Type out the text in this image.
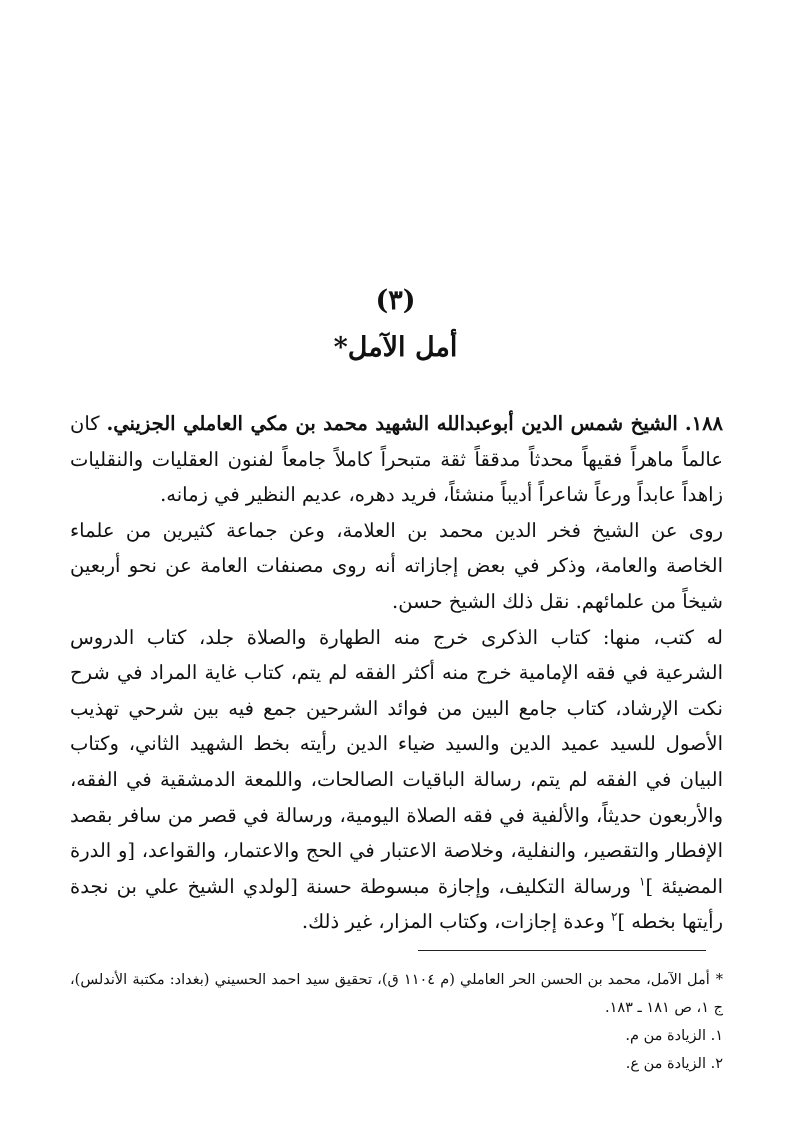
(٣)
أمل الآمل*

١٨٨. الشيخ شمس الدين أبوعبدالله الشهيد محمد بن مكي العاملي الجزيني. كان عالماً ماهراً فقيهاً محدثاً مدققاً ثقة متبحراً كاملاً جامعاً لفنون العقليات والنقليات زاهداً عابداً ورعاً شاعراً أديباً منشئاً، فريد دهره، عديم النظير في زمانه.

روى عن الشيخ فخر الدين محمد بن العلامة، وعن جماعة كثيرين من علماء الخاصة والعامة، وذكر في بعض إجازاته أنه روى مصنفات العامة عن نحو أربعين شيخاً من علمائهم. نقل ذلك الشيخ حسن.

له كتب، منها: كتاب الذكرى خرج منه الطهارة والصلاة جلد، كتاب الدروس الشرعية في فقه الإمامية خرج منه أكثر الفقه لم يتم، كتاب غاية المراد في شرح نكت الإرشاد، كتاب جامع البين من فوائد الشرحين جمع فيه بين شرحي تهذيب الأصول للسيد عميد الدين والسيد ضياء الدين رأيته بخط الشهيد الثاني، وكتاب البيان في الفقه لم يتم، رسالة الباقيات الصالحات، واللمعة الدمشقية في الفقه، والأربعون حديثاً، والألفية في فقه الصلاة اليومية، ورسالة في قصر من سافر بقصد الإفطار والتقصير، والنفلية، وخلاصة الاعتبار في الحج والاعتمار، والقواعد، [و الدرة المضيئة ]$^١$ ورسالة التكليف، وإجازة مبسوطة حسنة [لولدي الشيخ علي بن نجدة رأيتها بخطه ]$^٢$ وعدة إجازات، وكتاب المزار، غير ذلك.

*أمل الآمل، محمد بن الحسن الحر العاملي (م ١١٠٤ ق)، تحقيق سيد احمد الحسيني (بغداد: مكتبة الأندلس)، ج ١، ص ١٨١ ـ ١٨٣.

١. الزيادة من م.

٢. الزيادة من ع.
